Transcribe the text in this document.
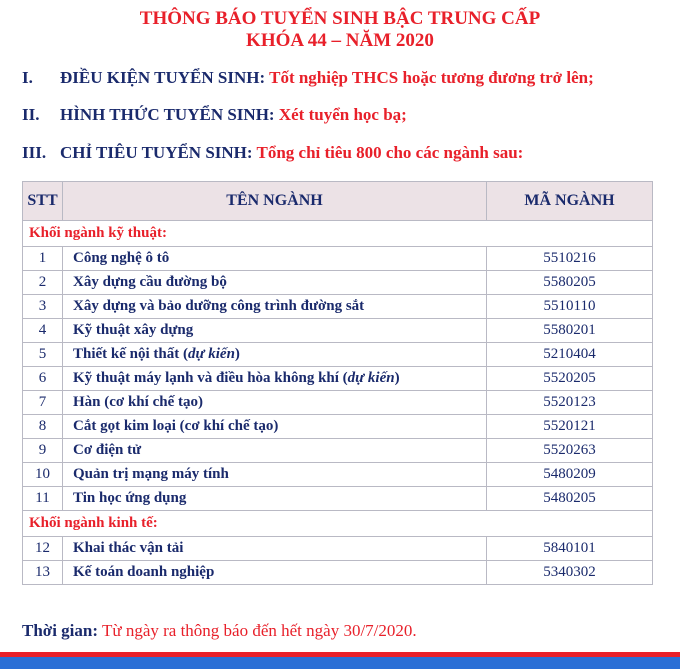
THÔNG BÁO TUYỂN SINH BẬC TRUNG CẤP
KHÓA 44 – NĂM 2020
I. ĐIỀU KIỆN TUYỂN SINH: Tốt nghiệp THCS hoặc tương đương trở lên;
II. HÌNH THỨC TUYỂN SINH: Xét tuyển học bạ;
III. CHỈ TIÊU TUYỂN SINH: Tổng chỉ tiêu 800 cho các ngành sau:
STT	TÊN NGÀNH	MÃ NGÀNH
Khối ngành kỹ thuật:		
1	Công nghệ ô tô	5510216
2	Xây dựng cầu đường bộ	5580205
3	Xây dựng và bảo dưỡng công trình đường sắt	5510110
4	Kỹ thuật xây dựng	5580201
5	Thiết kế nội thất (dự kiến)	5210404
6	Kỹ thuật máy lạnh và điều hòa không khí (dự kiến)	5520205
7	Hàn (cơ khí chế tạo)	5520123
8	Cắt gọt kim loại (cơ khí chế tạo)	5520121
9	Cơ điện tử	5520263
10	Quản trị mạng máy tính	5480209
11	Tin học ứng dụng	5480205
Khối ngành kinh tế:		
12	Khai thác vận tải	5840101
13	Kế toán doanh nghiệp	5340302
Thời gian: Từ ngày ra thông báo đến hết ngày 30/7/2020.
